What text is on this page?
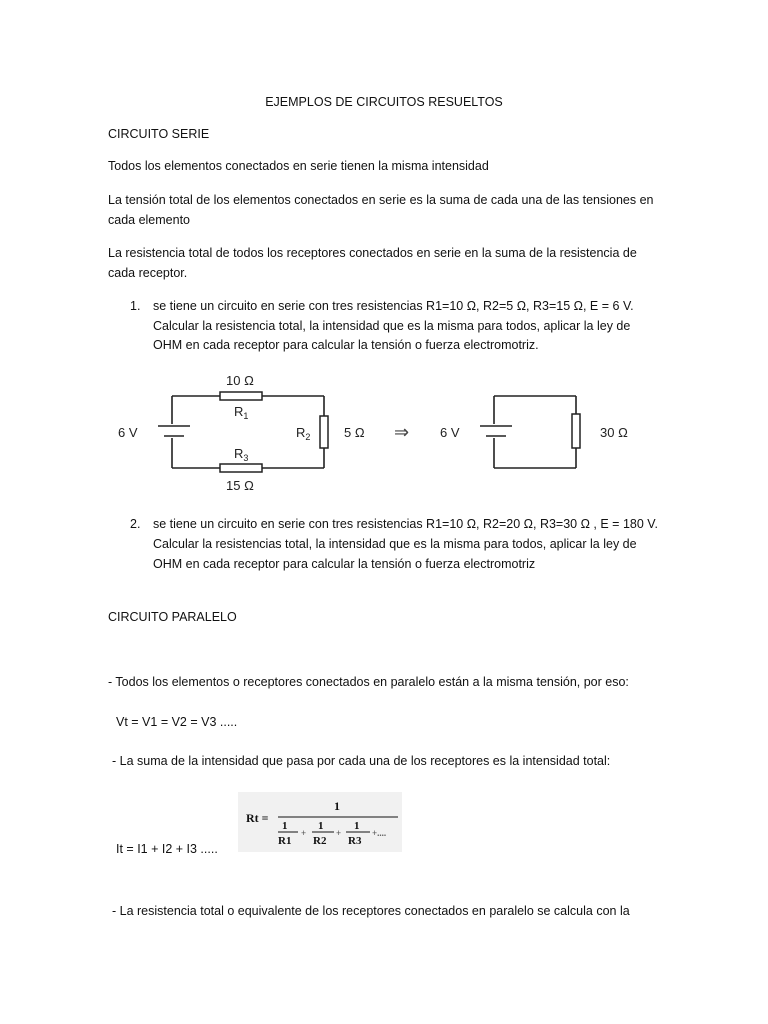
EJEMPLOS DE CIRCUITOS RESUELTOS
CIRCUITO SERIE
Todos los elementos conectados en serie tienen la misma intensidad
La tensión total de los elementos conectados en serie es la suma de cada una de las tensiones en
cada elemento
La resistencia total de todos los receptores conectados en serie en la suma de la resistencia de
cada receptor.
1. se tiene un circuito en serie con tres resistencias R1=10 Ω, R2=5 Ω, R3=15 Ω, E = 6 V.
Calcular la resistencia total, la intensidad que es la misma para todos, aplicar la ley de
OHM en cada receptor para calcular la tensión o fuerza electromotriz.
10 Ω
$R_1$
$R_3$
15 Ω
$R_2$	5 Ω
6 V	⇒ 6 V	30 Ω
2. se tiene un circuito en serie con tres resistencias R1=10 Ω, R2=20 Ω, R3=30 Ω , E = 180 V.
Calcular la resistencias total, la intensidad que es la misma para todos, aplicar la ley de
OHM en cada receptor para calcular la tensión o fuerza electromotriz
CIRCUITO PARALELO
- Todos los elementos o receptores conectados en paralelo están a la misma tensión, por eso:
Vt = V1 = V2 = V3 .....
- La suma de la intensidad que pasa por cada una de los receptores es la intensidad total:
Rt =
1
1
R1
+
1
R2
+
1
R3
+....
It = I1 + I2 + I3 .....
- La resistencia total o equivalente de los receptores conectados en paralelo se calcula con la
